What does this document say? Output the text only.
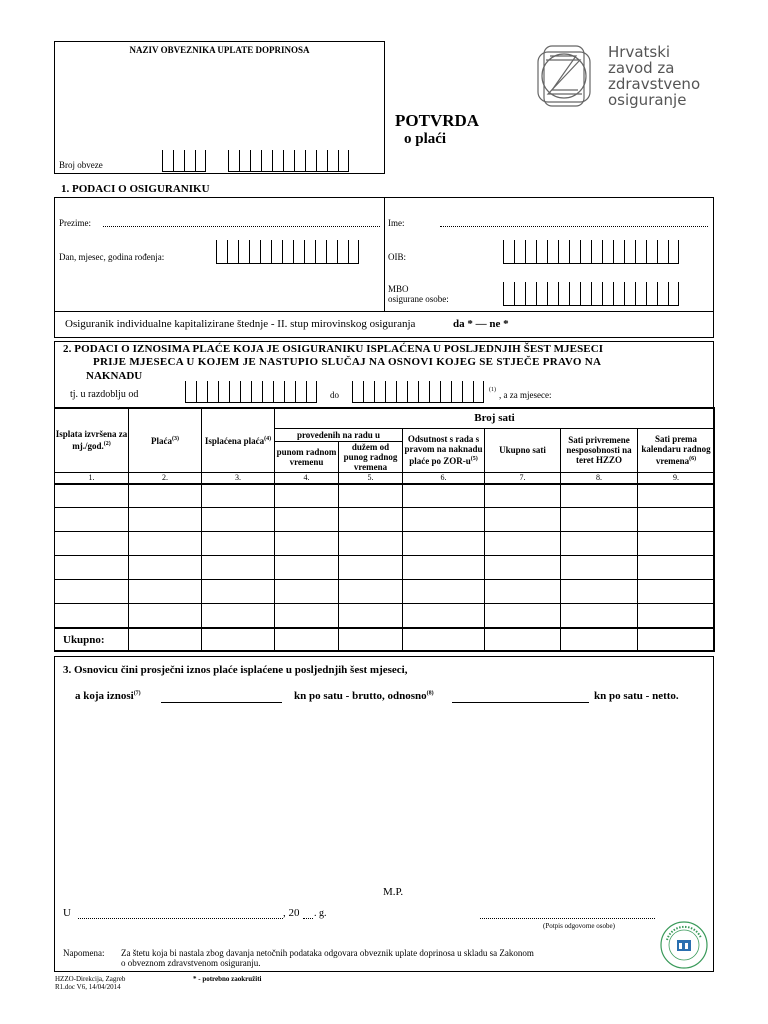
NAZIV OBVEZNIKA UPLATE DOPRINOSA
Broj obveze
POTVRDA
o plaći
Hrvatski
zavod za
zdravstveno
osiguranje
1. PODACI O OSIGURANIKU
Prezime:	Ime:
Dan, mjesec, godina rođenja:	OIB:
MBO
osigurane osobe:
Osiguranik individualne kapitalizirane štednje - II. stup mirovinskog osiguranja	da * — ne *
2. PODACI O IZNOSIMA PLAĆE KOJA JE OSIGURANIKU ISPLAĆENA U POSLJEDNJIH ŠEST MJESECI
PRIJE MJESECA U KOJEM JE NASTUPIO SLUČAJ NA OSNOVI KOJEG SE STJEČE PRAVO NA
NAKNADU
tj. u razdoblju od	do	(1) , a za mjesece:
Isplata izvršena za mj./god.$^{(2)}$	Plaća$^{(3)}$	Isplaćena plaća$^{(4)}$	Broj sati					
			provedenih na radu u		Odsutnost s rada s pravom na naknadu plaće po ZOR-$u^{(5)}$	Ukupno sati	Sati privremene nesposobnosti na teret HZZO	Sati prema kalendaru radnog vremena$^{(6)}$
			punom radnom vremenu	dužem od punog radnog vremena				
1.	2.	3.	4.	5.	6.	7.	8.	9.

Ukupno:								
3. Osnovicu čini prosječni iznos plaće isplaćene u posljednjih šest mjeseci,
a koja iznosi$^{(7)}$	kn po satu - brutto, odnosno$^{(8)}$	kn po satu - netto.
M.P.
U	, 20 . g.
(Potpis odgovorne osobe)
Napomena: Za štetu koja bi nastala zbog davanja netočnih podataka odgovara obveznik uplate doprinosa u skladu sa Zakonom
o obveznom zdravstvenom osiguranju.
HZZO-Direkcija, Zagreb
R1.doc V6, 14/04/2014
* - potrebno zaokružiti
